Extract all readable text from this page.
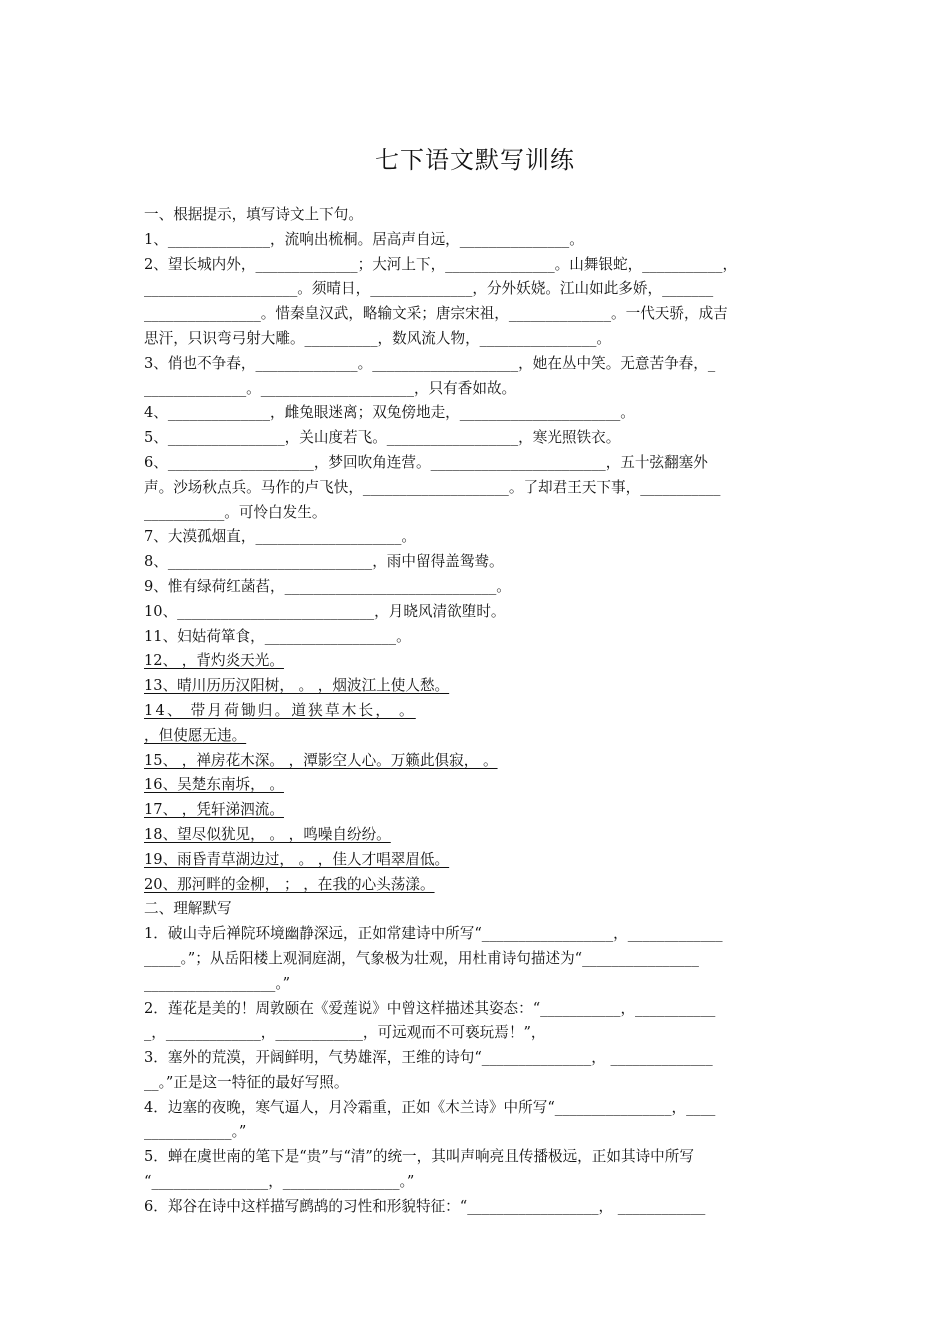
七下语文默写训练
一、根据提示，填写诗文上下句。
1、______________，流响出梳桐。居高声自远，_______________。
2、望长城内外，______________；大河上下，_______________。山舞银蛇，___________，
_____________________。须晴日，______________，分外妖娆。江山如此多娇，_______
________________。惜秦皇汉武，略输文采；唐宗宋祖，______________。一代天骄，成吉
思汗，只识弯弓射大雕。__________，数风流人物，________________。
3、俏也不争春，______________。____________________，她在丛中笑。无意苦争春，_
______________。_____________________，只有香如故。
4、______________，雌兔眼迷离；双兔傍地走，______________________。
5、________________，关山度若飞。__________________，寒光照铁衣。
6、____________________，梦回吹角连营。________________________，五十弦翻塞外
声。沙场秋点兵。马作的卢飞快，____________________。了却君王天下事，___________
___________。可怜白发生。
7、大漠孤烟直，____________________。
8、____________________________，雨中留得盖鸳鸯。
9、惟有绿荷红菡萏，_____________________________。
10、___________________________，月晓风清欲堕时。
11、妇姑荷箪食，__________________。
12、 ，背灼炎天光。
13、晴川历历汉阳树， 。 ，烟波江上使人愁。
14、 带月荷锄归。道狭草木长， 。
，但使愿无违。
15、 ，禅房花木深。 ，潭影空人心。万籁此俱寂， 。
16、吴楚东南坼， 。
17、 ，凭轩涕泗流。
18、望尽似犹见， 。 ，鸣噪自纷纷。
19、雨昏青草湖边过， 。 ，佳人才唱翠眉低。
20、那河畔的金柳， ； ，在我的心头荡漾。
二、理解默写
1．破山寺后禅院环境幽静深远，正如常建诗中所写“__________________，_____________
_____。”；从岳阳楼上观洞庭湖，气象极为壮观，用杜甫诗句描述为“________________
__________________。”
2．莲花是美的！周敦颐在《爱莲说》中曾这样描述其姿态：“___________，___________
_，_____________，____________，可远观而不可亵玩焉！”，
3．塞外的荒漠，开阔鲜明，气势雄浑，王维的诗句“_______________， ______________
__。”正是这一特征的最好写照。
4．边塞的夜晚，寒气逼人，月冷霜重，正如《木兰诗》中所写“________________，____
____________。”
5．蝉在虞世南的笔下是“贵”与“清”的统一，其叫声响亮且传播极远，正如其诗中所写
“________________，________________。”
6．郑谷在诗中这样描写鹧鸪的习性和形貌特征：“__________________， ____________
